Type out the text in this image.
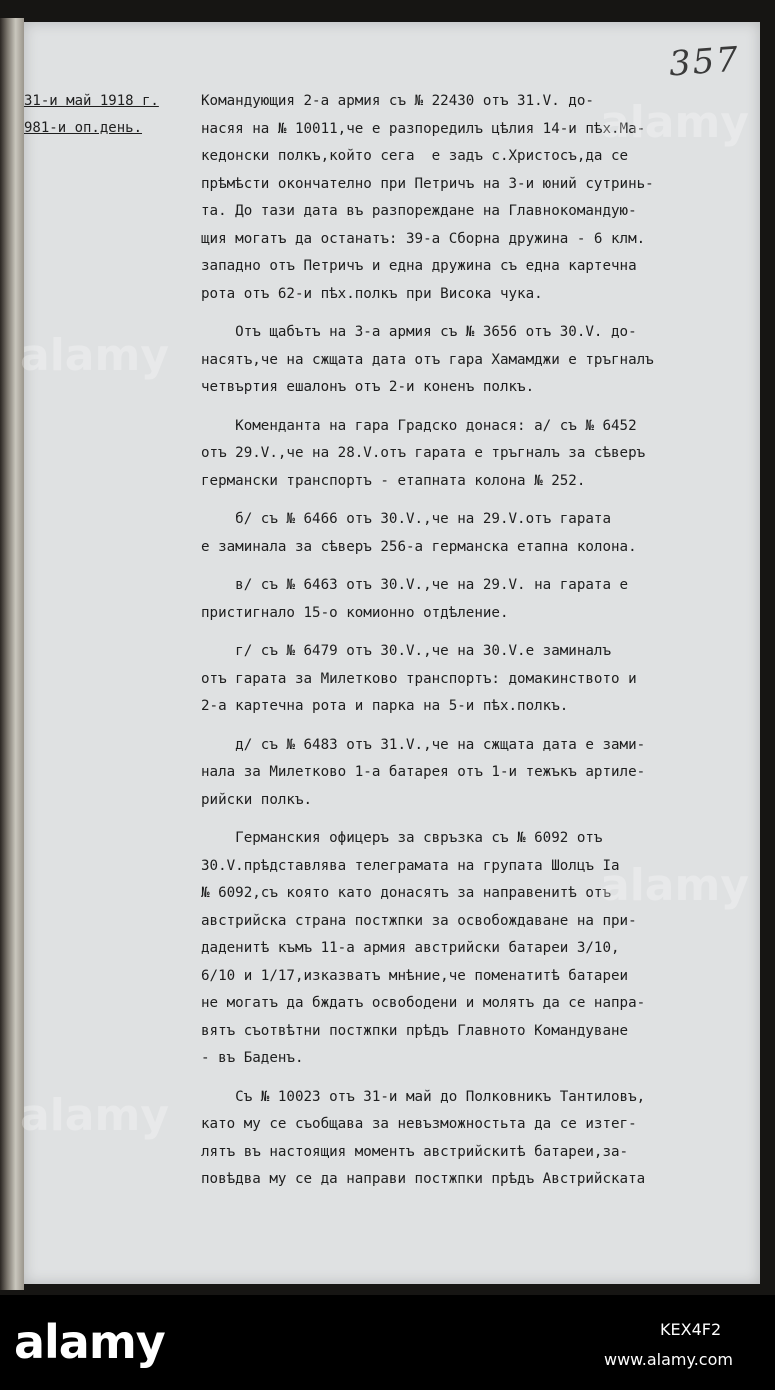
357
31-и май 1918 г.
981-и оп.день.
Командующия 2-а армия съ № 22430 отъ 31.V. до-
насяя на № 10011,че е разпоредилъ цѣлия 14-и пѣх.Ма-
кедонски полкъ,който сега  е задъ с.Христосъ,да се
прѣмѣсти окончателно при Петричъ на 3-и юний сутринь-
та. До тази дата въ разпореждане на Главнокомандую-
щия могатъ да останатъ: 39-а Сборна дружина - 6 клм.
западно отъ Петричъ и една дружина съ една картечна
рота отъ 62-и пѣх.полкъ при Висока чука.
Отъ щабътъ на 3-а армия съ № 3656 отъ 30.V. до-
насятъ,че на сжщата дата отъ гара Хамамджи е тръгналъ
четвъртия ешалонъ отъ 2-и коненъ полкъ.
Коменданта на гара Градско донася: а/ съ № 6452
отъ 29.V.,че на 28.V.отъ гарата е тръгналъ за сѣверъ
германски транспортъ - етапната колона № 252.
б/ съ № 6466 отъ 30.V.,че на 29.V.отъ гарата
е заминала за сѣверъ 256-а германска етапна колона.
в/ съ № 6463 отъ 30.V.,че на 29.V. на гарата е
пристигнало 15-о комионно отдѣление.
г/ съ № 6479 отъ 30.V.,че на 30.V.е заминалъ
отъ гарата за Милетково транспортъ: домакинството и
2-а картечна рота и парка на 5-и пѣх.полкъ.
д/ съ № 6483 отъ 31.V.,че на сжщата дата е зами-
нала за Милетково 1-а батарея отъ 1-и тежъкъ артиле-
рийски полкъ.
Германския офицеръ за свръзка съ № 6092 отъ
30.V.прѣдставлява телеграмата на групата Шолцъ Iа
№ 6092,съ която като донасятъ за направенитѣ отъ
австрийска страна постжпки за освобождаване на при-
даденитѣ къмъ 11-а армия австрийски батареи 3/10,
6/10 и 1/17,изказватъ мнѣние,че поменатитѣ батареи
не могатъ да бждатъ освободени и молятъ да се напра-
вятъ съотвѣтни постжпки прѣдъ Главното Командуване
- въ Баденъ.
Съ № 10023 отъ 31-и май до Полковникъ Тантиловъ,
като му се съобщава за невъзможностьта да се изтег-
лятъ въ настоящия моментъ австрийскитѣ батареи,за-
повѣдва му се да направи постжпки прѣдъ Австрийската
alamy
alamy
alamy
alamy
alamy	KEX4F2
www.alamy.com
